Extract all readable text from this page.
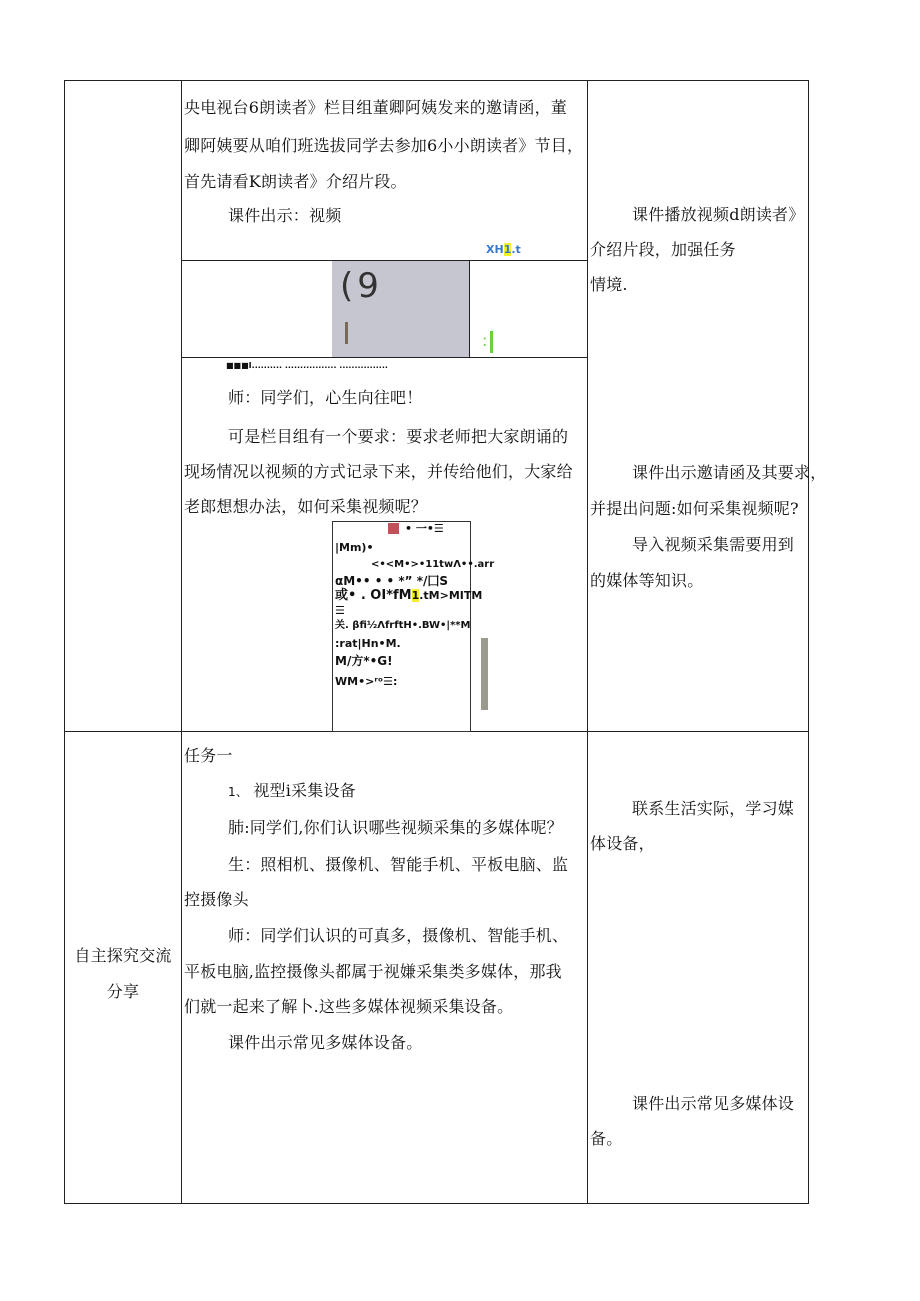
央电视台6朗读者》栏目组董卿阿姨发来的邀请函，董
卿阿姨要从咱们班选拔同学去参加6小小朗读者》节目，
首先请看K朗读者》介绍片段。
课件出示：视频
XH1.t
(9
:
■■■I.......... ................. ................
师：同学们，心生向往吧！
可是栏目组有一个要求：要求老师把大家朗诵的
现场情况以视频的方式记录下来，并传给他们，大家给
老郎想想办法，如何采集视频呢？
• 一•☰
|Mm)•
<•<M•>•11twΛ••.arr
αM•• • • *” */囗S
或• . OI*fM1.tM>MITM
☰
关. βfi½ΛfrftH•.BW•|**M
:rat|Hn•M.
M/方*•G!
WM•>ʳᵒ☰:
课件播放视频d朗读者》
介绍片段，加强任务
情境.
课件出示邀请函及其要求，
并提出问题:如何采集视频呢?
导入视频采集需要用到
的媒体等知识。
自主探究交流
分享
任务一
1、 视型i采集设备
肺:同学们,你们认识哪些视频采集的多媒体呢？
生：照相机、摄像机、智能手机、平板电脑、监
控摄像头
师：同学们认识的可真多，摄像机、智能手机、
平板电脑,监控摄像头都属于视嫌采集类多媒体，那我
们就一起来了解卜.这些多媒体视频采集设备。
课件出示常见多媒体设备。
联系生活实际，学习媒
体设备，
课件出示常见多媒体设
备。
